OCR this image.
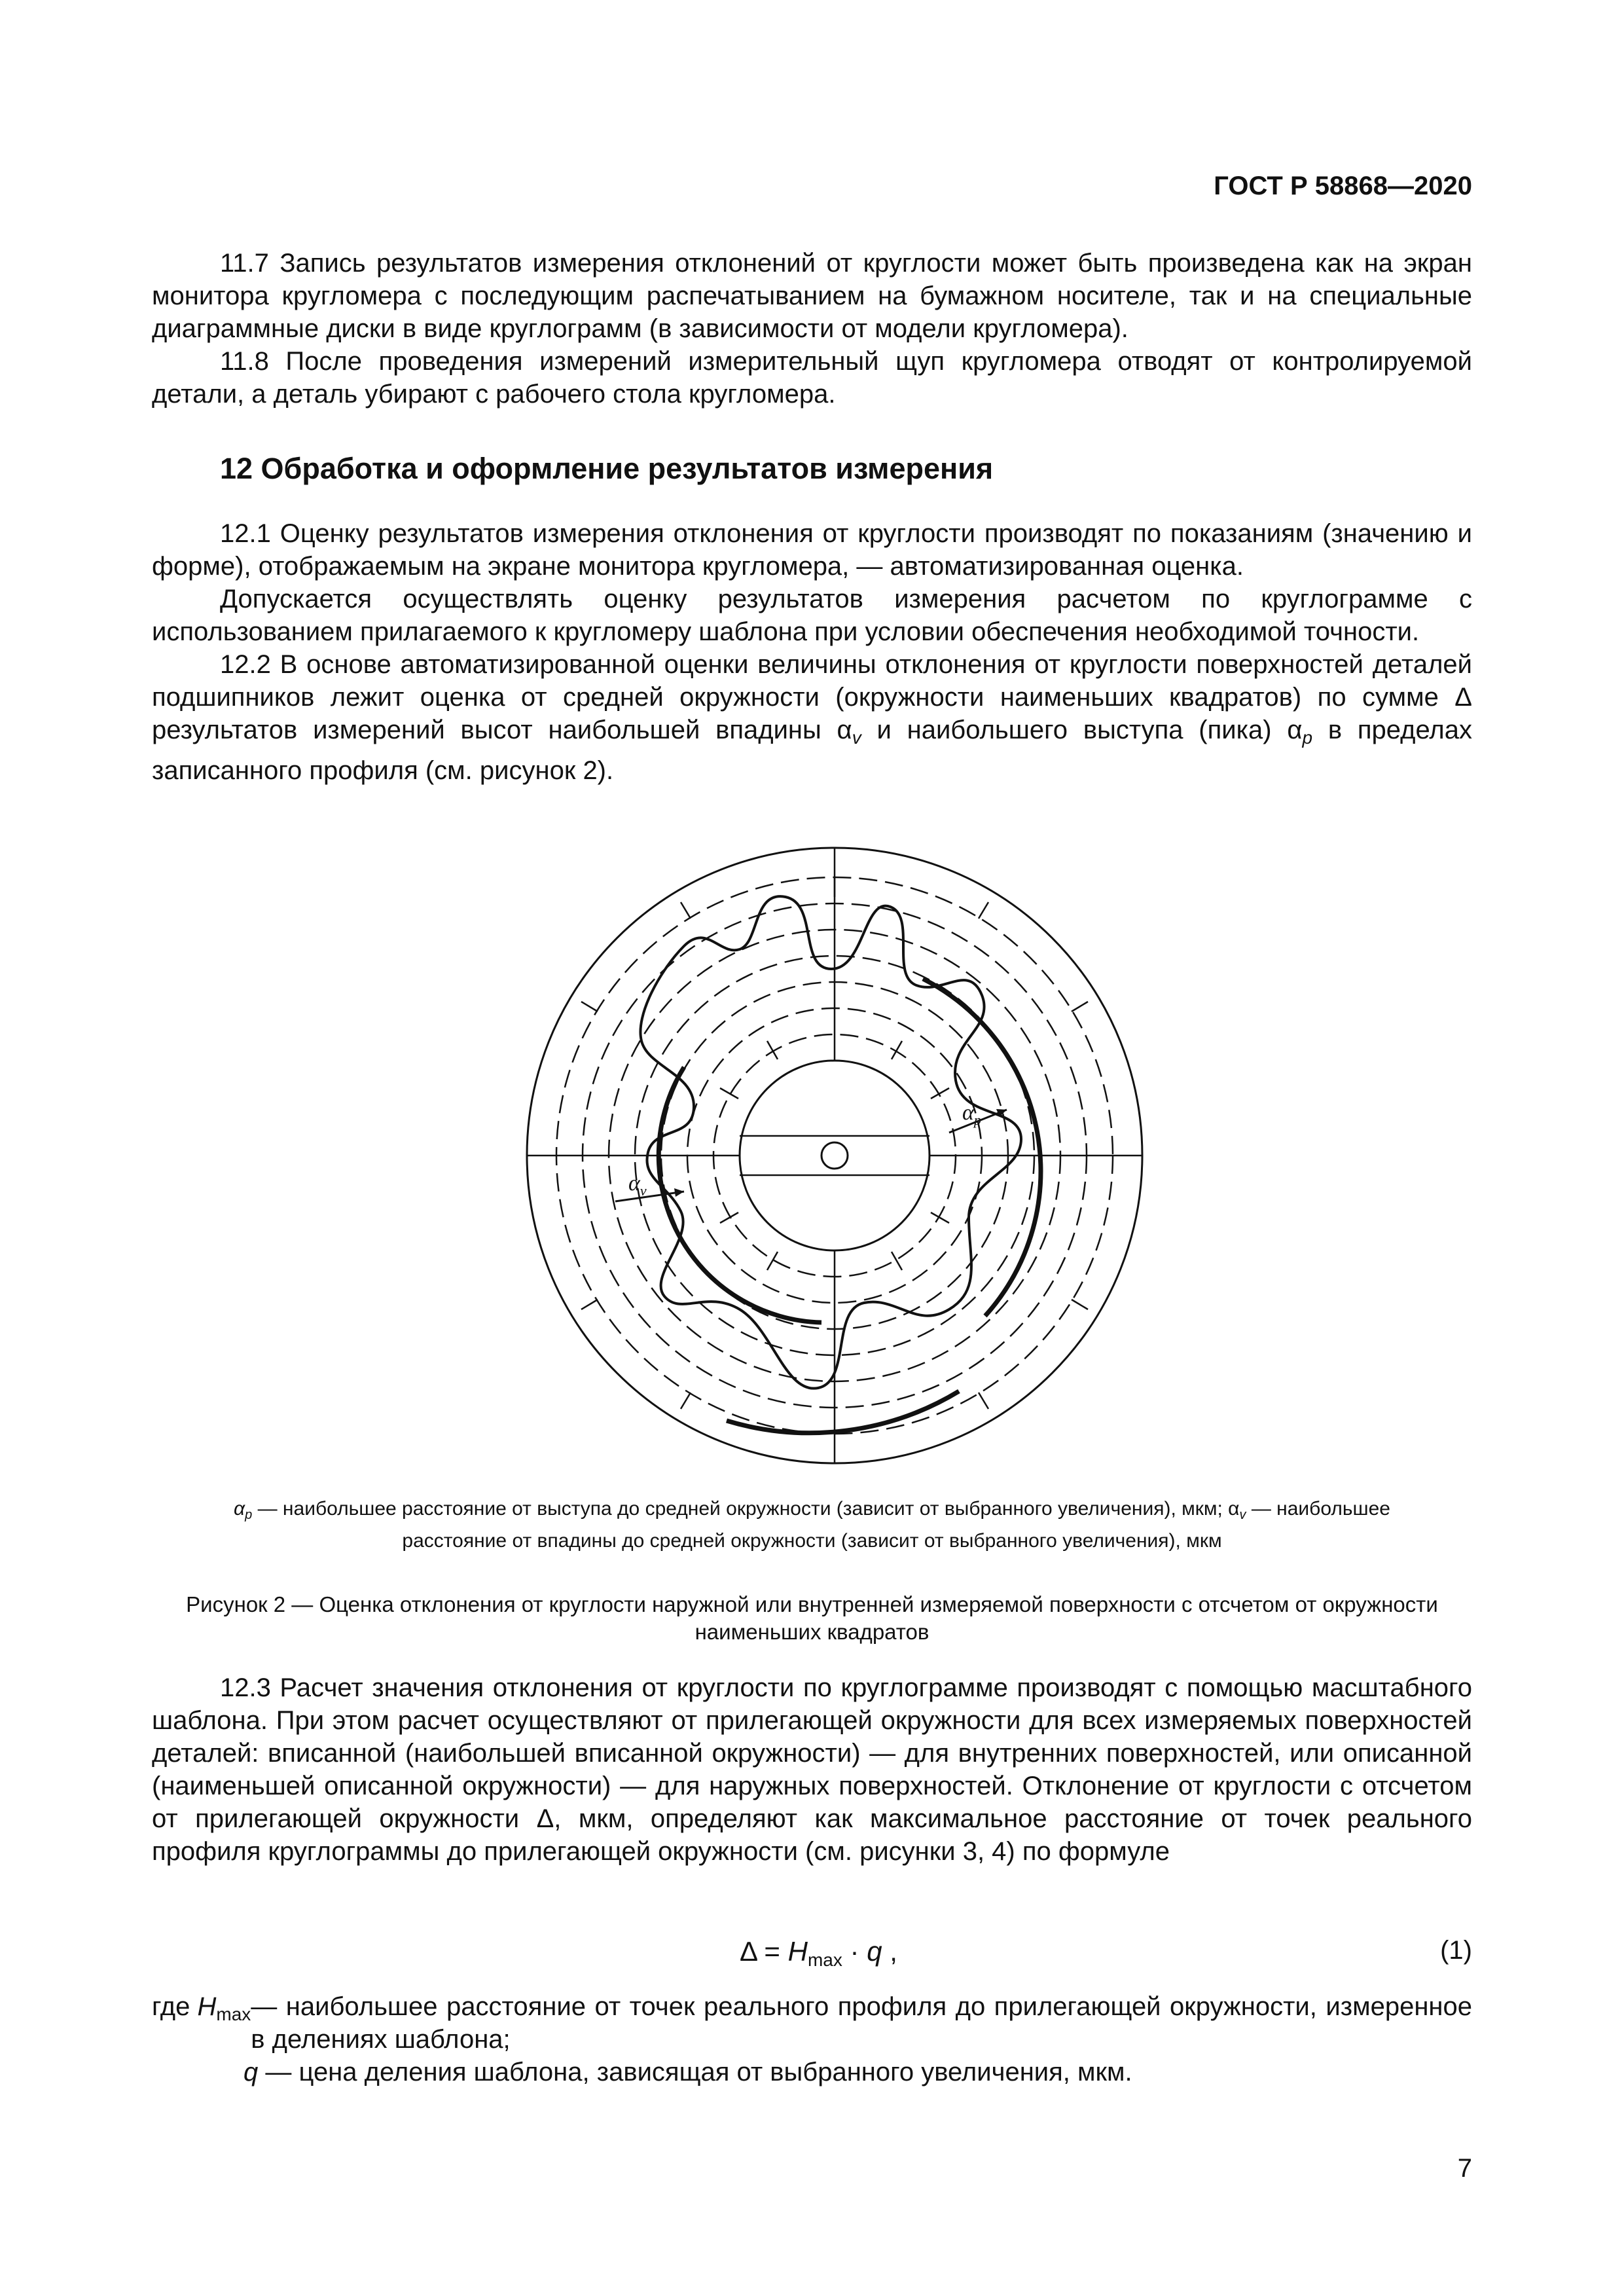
ГОСТ Р 58868—2020

11.7 Запись результатов измерения отклонений от круглости может быть произведена как на экран монитора кругломера с последующим распечатыванием на бумажном носителе, так и на специальные диаграммные диски в виде круглограмм (в зависимости от модели кругломера).

11.8 После проведения измерений измерительный щуп кругломера отводят от контролируемой детали, а деталь убирают с рабочего стола кругломера.

12 Обработка и оформление результатов измерения

12.1 Оценку результатов измерения отклонения от круглости производят по показаниям (значению и форме), отображаемым на экране монитора кругломера, — автоматизированная оценка.

Допускается осуществлять оценку результатов измерения расчетом по круглограмме с использованием прилагаемого к кругломеру шаблона при условии обеспечения необходимой точности.

12.2 В основе автоматизированной оценки величины отклонения от круглости поверхностей деталей подшипников лежит оценка от средней окружности (окружности наименьших квадратов) по сумме Δ результатов измерений высот наибольшей впадины $\alpha_v$ и наибольшего выступа (пика) $\alpha_p$ в пределах записанного профиля (см. рисунок 2).

$\alpha_p$
$\alpha_v$
$\alpha_p$ — наибольшее расстояние от выступа до средней окружности (зависит от выбранного увеличения), мкм; $\alpha_v$ — наибольшее
расстояние от впадины до средней окружности (зависит от выбранного увеличения), мкм
Рисунок 2 — Оценка отклонения от круглости наружной или внутренней измеряемой поверхности с отсчетом от окружности наименьших квадратов

12.3 Расчет значения отклонения от круглости по круглограмме производят с помощью масштабного шаблона. При этом расчет осуществляют от прилегающей окружности для всех измеряемых поверхностей деталей: вписанной (наибольшей вписанной окружности) — для внутренних поверхностей, или описанной (наименьшей описанной окружности) — для наружных поверхностей. Отклонение от круглости с отсчетом от прилегающей окружности Δ, мкм, определяют как максимальное расстояние от точек реального профиля круглограммы до прилегающей окружности (см. рисунки 3, 4) по формуле

$\Delta = H_{max} \cdot q$ ,	(1)
где $H_{max}$ — наибольшее расстояние от точек реального профиля до прилегающей окружности, измеренное в делениях шаблона;
q — цена деления шаблона, зависящая от выбранного увеличения, мкм.
7
